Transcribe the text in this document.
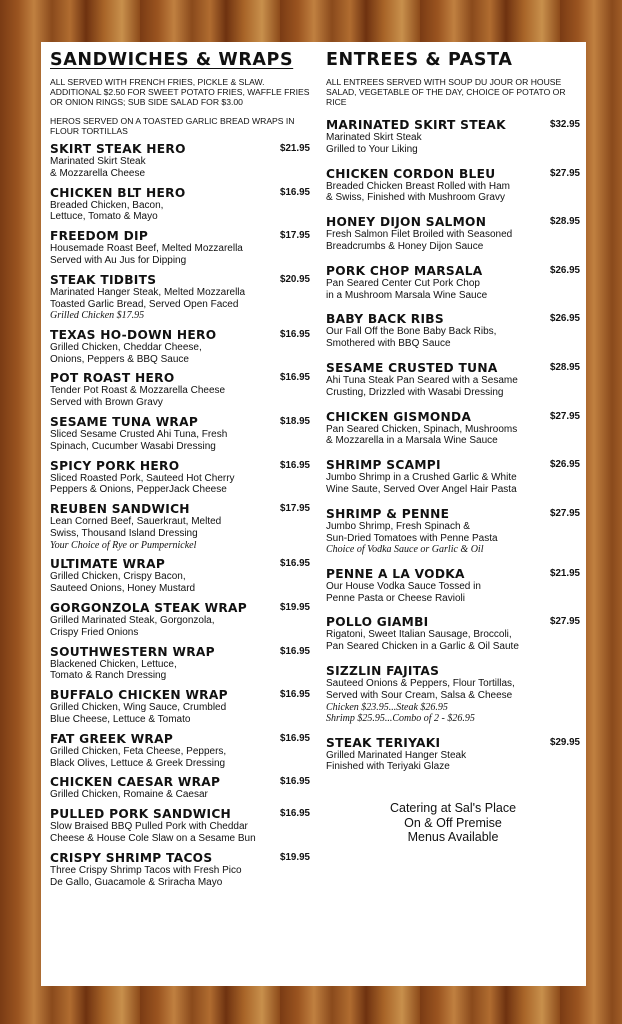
SANDWICHES & WRAPS
ALL SERVED WITH FRENCH FRIES, PICKLE & SLAW. ADDITIONAL $2.50 FOR SWEET POTATO FRIES, WAFFLE FRIES OR ONION RINGS; SUB SIDE SALAD FOR $3.00
HEROS SERVED ON A TOASTED GARLIC BREAD WRAPS IN FLOUR TORTILLAS
SKIRT STEAK HERO	$21.95
Marinated Skirt Steak
& Mozzarella Cheese
CHICKEN BLT HERO	$16.95
Breaded Chicken, Bacon,
Lettuce, Tomato & Mayo
FREEDOM DIP	$17.95
Housemade Roast Beef, Melted Mozzarella
Served with Au Jus for Dipping
STEAK TIDBITS	$20.95
Marinated Hanger Steak, Melted Mozzarella
Toasted Garlic Bread, Served Open Faced
Grilled Chicken $17.95
TEXAS HO-DOWN HERO	$16.95
Grilled Chicken, Cheddar Cheese,
Onions, Peppers & BBQ Sauce
POT ROAST HERO	$16.95
Tender Pot Roast & Mozzarella Cheese
Served with Brown Gravy
SESAME TUNA WRAP	$18.95
Sliced Sesame Crusted Ahi Tuna, Fresh
Spinach, Cucumber Wasabi Dressing
SPICY PORK HERO	$16.95
Sliced Roasted Pork, Sauteed Hot Cherry
Peppers & Onions, PepperJack Cheese
REUBEN SANDWICH	$17.95
Lean Corned Beef, Sauerkraut, Melted
Swiss, Thousand Island Dressing
Your Choice of Rye or Pumpernickel
ULTIMATE WRAP	$16.95
Grilled Chicken, Crispy Bacon,
Sauteed Onions, Honey Mustard
GORGONZOLA STEAK WRAP	$19.95
Grilled Marinated Steak, Gorgonzola,
Crispy Fried Onions
SOUTHWESTERN WRAP	$16.95
Blackened Chicken, Lettuce,
Tomato & Ranch Dressing
BUFFALO CHICKEN WRAP	$16.95
Grilled Chicken, Wing Sauce, Crumbled
Blue Cheese, Lettuce & Tomato
FAT GREEK WRAP	$16.95
Grilled Chicken, Feta Cheese, Peppers,
Black Olives, Lettuce & Greek Dressing
CHICKEN CAESAR WRAP	$16.95
Grilled Chicken, Romaine & Caesar
PULLED PORK SANDWICH	$16.95
Slow Braised BBQ Pulled Pork with Cheddar
Cheese & House Cole Slaw on a Sesame Bun
CRISPY SHRIMP TACOS	$19.95
Three Crispy Shrimp Tacos with Fresh Pico
De Gallo, Guacamole & Sriracha Mayo
ENTREES & PASTA
ALL ENTREES SERVED WITH SOUP DU JOUR OR HOUSE SALAD, VEGETABLE OF THE DAY, CHOICE OF POTATO OR RICE
MARINATED SKIRT STEAK	$32.95
Marinated Skirt Steak
Grilled to Your Liking
CHICKEN CORDON BLEU	$27.95
Breaded Chicken Breast Rolled with Ham
& Swiss, Finished with Mushroom Gravy
HONEY DIJON SALMON	$28.95
Fresh Salmon Filet Broiled with Seasoned
Breadcrumbs & Honey Dijon Sauce
PORK CHOP MARSALA	$26.95
Pan Seared Center Cut Pork Chop
in a Mushroom Marsala Wine Sauce
BABY BACK RIBS	$26.95
Our Fall Off the Bone Baby Back Ribs,
Smothered with BBQ Sauce
SESAME CRUSTED TUNA	$28.95
Ahi Tuna Steak Pan Seared with a Sesame
Crusting, Drizzled with Wasabi Dressing
CHICKEN GISMONDA	$27.95
Pan Seared Chicken, Spinach, Mushrooms
& Mozzarella in a Marsala Wine Sauce
SHRIMP SCAMPI	$26.95
Jumbo Shrimp in a Crushed Garlic & White
Wine Saute, Served Over Angel Hair Pasta
SHRIMP & PENNE	$27.95
Jumbo Shrimp, Fresh Spinach &
Sun-Dried Tomatoes with Penne Pasta
Choice of Vodka Sauce or Garlic & Oil
PENNE A LA VODKA	$21.95
Our House Vodka Sauce Tossed in
Penne Pasta or Cheese Ravioli
POLLO GIAMBI	$27.95
Rigatoni, Sweet Italian Sausage, Broccoli,
Pan Seared Chicken in a Garlic & Oil Saute
SIZZLIN FAJITAS
Sauteed Onions & Peppers, Flour Tortillas,
Served with Sour Cream, Salsa & Cheese
Chicken $23.95...Steak $26.95
Shrimp $25.95...Combo of 2 - $26.95
STEAK TERIYAKI	$29.95
Grilled Marinated Hanger Steak
Finished with Teriyaki Glaze
Catering at Sal's Place
On & Off Premise
Menus Available
